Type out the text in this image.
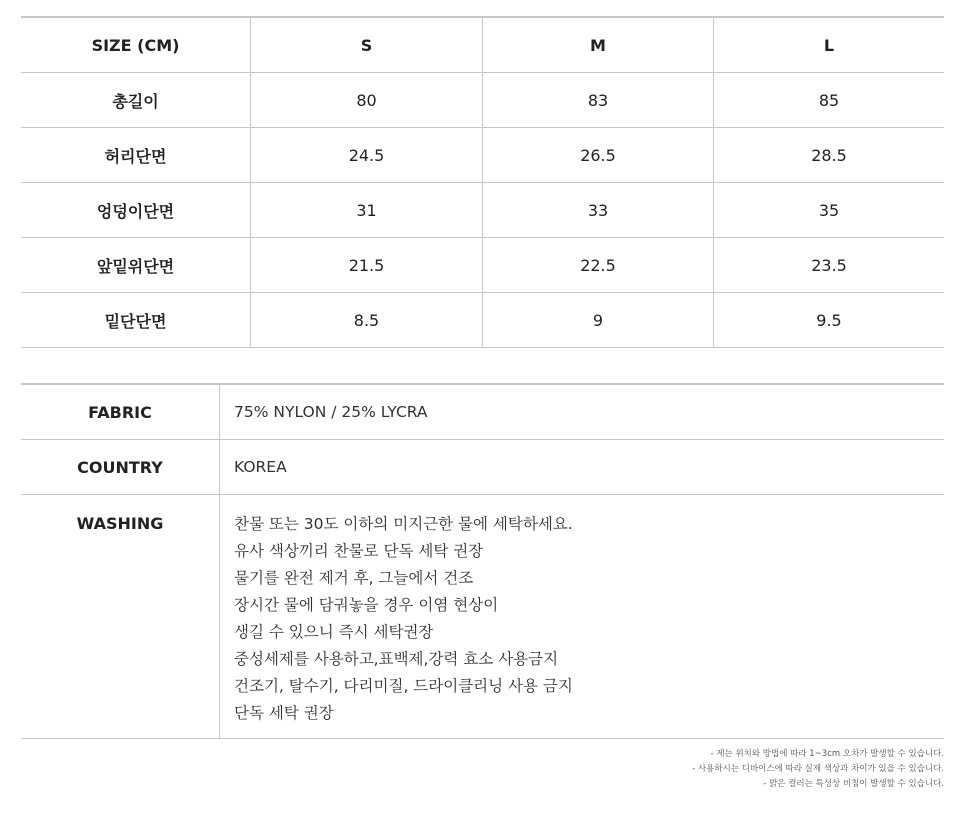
SIZE (CM)	S	M	L
총길이	80	83	85
허리단면	24.5	26.5	28.5
엉덩이단면	31	33	35
앞밑위단면	21.5	22.5	23.5
밑단단면	8.5	9	9.5
FABRIC	75% NYLON / 25% LYCRA
COUNTRY	KOREA
WASHING	찬물 또는 30도 이하의 미지근한 물에 세탁하세요.
유사 색상끼리 찬물로 단독 세탁 권장
물기를 완전 제거 후, 그늘에서 건조
장시간 물에 담궈놓을 경우 이염 현상이
생길 수 있으니 즉시 세탁권장
중성세제를 사용하고,표백제,강력 효소 사용금지
건조기, 탈수기, 다리미질, 드라이클리닝 사용 금지
단독 세탁 권장
- 제는 위치와 방법에 따라 1~3cm 오차가 발생할 수 있습니다.
- 사용하시는 디바이스에 따라 실제 색상과 차이가 있을 수 있습니다.
- 밝은 컬러는 특성상 비침이 발생할 수 있습니다.
